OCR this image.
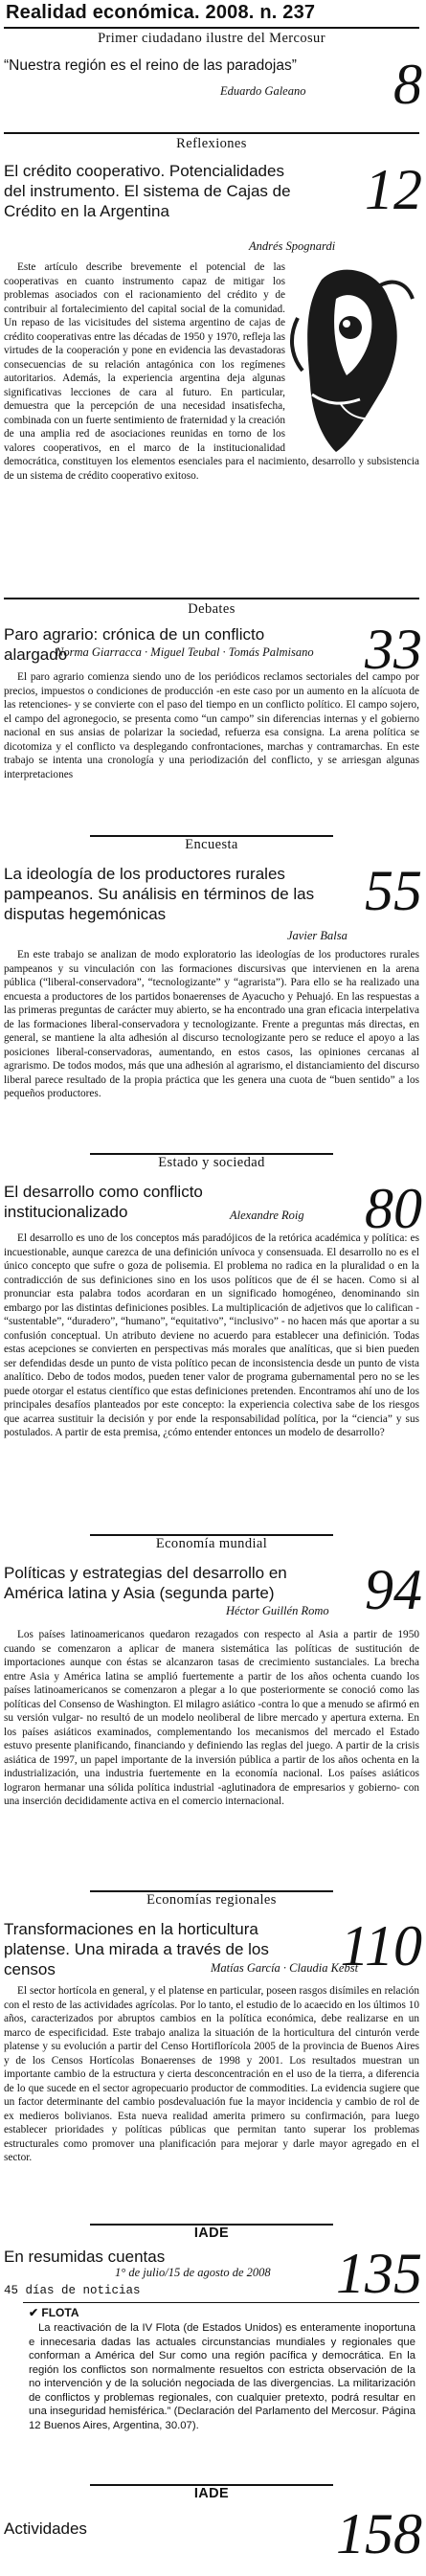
Realidad económica. 2008. n. 237
Primer ciudadano ilustre del Mercosur
“Nuestra región es el reino de las paradojas”
Eduardo Galeano 8
Reflexiones
El crédito cooperativo. Potencialidades del instrumento. El sistema de Cajas de Crédito en la Argentina	12
Andrés Spognardi
Este artículo describe brevemente el potencial de las cooperativas en cuanto instrumento capaz de mitigar los problemas asociados con el racionamiento del crédito y de contribuir al fortalecimiento del capital social de la comunidad. Un repaso de las vicisitudes del sistema argentino de cajas de crédito cooperativas entre las décadas de 1950 y 1970, refleja las virtudes de la cooperación y pone en evidencia las devastadoras consecuencias de su relación antagónica con los regímenes autoritarios. Además, la experiencia argentina deja algunas significativas lecciones de cara al futuro. En particular, demuestra que la percepción de una necesidad insatisfecha, combinada con un fuerte sentimiento de fraternidad y la creación de una amplia red de asociaciones reunidas en torno de los valores cooperativos, en el marco de la institucionalidad democrática, constituyen los elementos esenciales para el nacimiento, desarrollo y subsistencia de un sistema de crédito cooperativo exitoso.
Debates
Paro agrario: crónica de un conflicto alargado
Norma Giarracca · Miguel Teubal · Tomás Palmisano 33
El paro agrario comienza siendo uno de los periódicos reclamos sectoriales del campo por precios, impuestos o condiciones de producción -en este caso por un aumento en la alícuota de las retenciones- y se convierte con el paso del tiempo en un conflicto político. El campo sojero, el campo del agronegocio, se presenta como “un campo” sin diferencias internas y el gobierno nacional en sus ansias de polarizar la sociedad, refuerza esa consigna. La arena política se dicotomiza y el conflicto va desplegando confrontaciones, marchas y contramarchas. En este trabajo se intenta una cronología y una periodización del conflicto, y se arriesgan algunas interpretaciones
Encuesta
La ideología de los productores rurales pampeanos. Su análisis en términos de las disputas hegemónicas	55
Javier Balsa
En este trabajo se analizan de modo exploratorio las ideologías de los productores rurales pampeanos y su vinculación con las formaciones discursivas que intervienen en la arena pública (“liberal-conservadora”, “tecnologizante” y “agrarista”). Para ello se ha realizado una encuesta a productores de los partidos bonaerenses de Ayacucho y Pehuajó. En las respuestas a las primeras preguntas de carácter muy abierto, se ha encontrado una gran eficacia interpelativa de las formaciones liberal-conservadora y tecnologizante. Frente a preguntas más directas, en general, se mantiene la alta adhesión al discurso tecnologizante pero se reduce el apoyo a las posiciones liberal-conservadoras, aumentando, en estos casos, las opiniones cercanas al agrarismo. De todos modos, más que una adhesión al agrarismo, el distanciamiento del discurso liberal parece resultado de la propia práctica que les genera una cuota de “buen sentido” a los pequeños productores.
Estado y sociedad
El desarrollo como conflicto institucionalizado	80
Alexandre Roig
El desarrollo es uno de los conceptos más paradójicos de la retórica académica y política: es incuestionable, aunque carezca de una definición unívoca y consensuada. El desarrollo no es el único concepto que sufre o goza de polisemia. El problema no radica en la pluralidad o en la contradicción de sus definiciones sino en los usos políticos que de él se hacen. Como si al pronunciar esta palabra todos acordaran en un significado homogéneo, denominando sin embargo por las distintas definiciones posibles. La multiplicación de adjetivos que lo califican - “sustentable”, “duradero”, “humano”, “equitativo”, “inclusivo” - no hacen más que aportar a su confusión conceptual. Un atributo deviene no acuerdo para establecer una definición. Todas estas acepciones se convierten en perspectivas más morales que analíticas, que si bien pueden ser defendidas desde un punto de vista político pecan de inconsistencia desde un punto de vista analítico. Debo de todos modos, pueden tener valor de programa gubernamental pero no se les puede otorgar el estatus científico que estas definiciones pretenden. Encontramos ahí uno de los principales desafíos planteados por este concepto: la experiencia colectiva sabe de los riesgos que acarrea sustituir la decisión y por ende la responsabilidad política, por la “ciencia” y sus postulados. A partir de esta premisa, ¿cómo entender entonces un modelo de desarrollo?
Economía mundial
Políticas y estrategias del desarrollo en América latina y Asia (segunda parte)	94
Héctor Guillén Romo
Los países latinoamericanos quedaron rezagados con respecto al Asia a partir de 1950 cuando se comenzaron a aplicar de manera sistemática las políticas de sustitución de importaciones aunque con éstas se alcanzaron tasas de crecimiento sustanciales. La brecha entre Asia y América latina se amplió fuertemente a partir de los años ochenta cuando los países latinoamericanos se comenzaron a plegar a lo que posteriormente se conoció como las políticas del Consenso de Washington. El milagro asiático -contra lo que a menudo se afirmó en su versión vulgar- no resultó de un modelo neoliberal de libre mercado y apertura externa. En los países asiáticos examinados, complementando los mecanismos del mercado el Estado estuvo presente planificando, financiando y definiendo las reglas del juego. A partir de la crisis asiática de 1997, un papel importante de la inversión pública a partir de los años ochenta en la industrialización, una industria fuertemente en la economía nacional. Los países asiáticos lograron hermanar una sólida política industrial -aglutinadora de empresarios y gobierno- con una inserción decididamente activa en el comercio internacional.
Economías regionales
Transformaciones en la horticultura platense. Una mirada a través de los censos	110
Matías García · Claudia Kebst
El sector hortícola en general, y el platense en particular, poseen rasgos disímiles en relación con el resto de las actividades agrícolas. Por lo tanto, el estudio de lo acaecido en los últimos 10 años, caracterizados por abruptos cambios en la política económica, debe realizarse en un marco de especificidad. Este trabajo analiza la situación de la horticultura del cinturón verde platense y su evolución a partir del Censo Hortiflorícola 2005 de la provincia de Buenos Aires y de los Censos Hortícolas Bonaerenses de 1998 y 2001. Los resultados muestran un importante cambio de la estructura y cierta desconcentración en el uso de la tierra, a diferencia de lo que sucede en el sector agropecuario productor de commodities. La evidencia sugiere que un factor determinante del cambio posdevaluación fue la mayor incidencia y cambio de rol de ex medieros bolivianos. Esta nueva realidad amerita primero su confirmación, para luego establecer prioridades y políticas públicas que permitan tanto superar los problemas estructurales como promover una planificación para mejorar y darle mayor agregado en el sector.
IADE
En resumidas cuentas
1° de julio/15 de agosto de 2008
45 días de noticias	135
✔ FLOTA
La reactivación de la IV Flota (de Estados Unidos) es enteramente inoportuna e innecesaria dadas las actuales circunstancias mundiales y regionales que conforman a América del Sur como una región pacífica y democrática. En la región los conflictos son normalmente resueltos con estricta observación de la no intervención y de la solución negociada de las divergencias. La militarización de conflictos y problemas regionales, con cualquier pretexto, podrá resultar en una inseguridad hemisférica.” (Declaración del Parlamento del Mercosur. Página 12 Buenos Aires, Argentina, 30.07).
IADE
Actividades	158
